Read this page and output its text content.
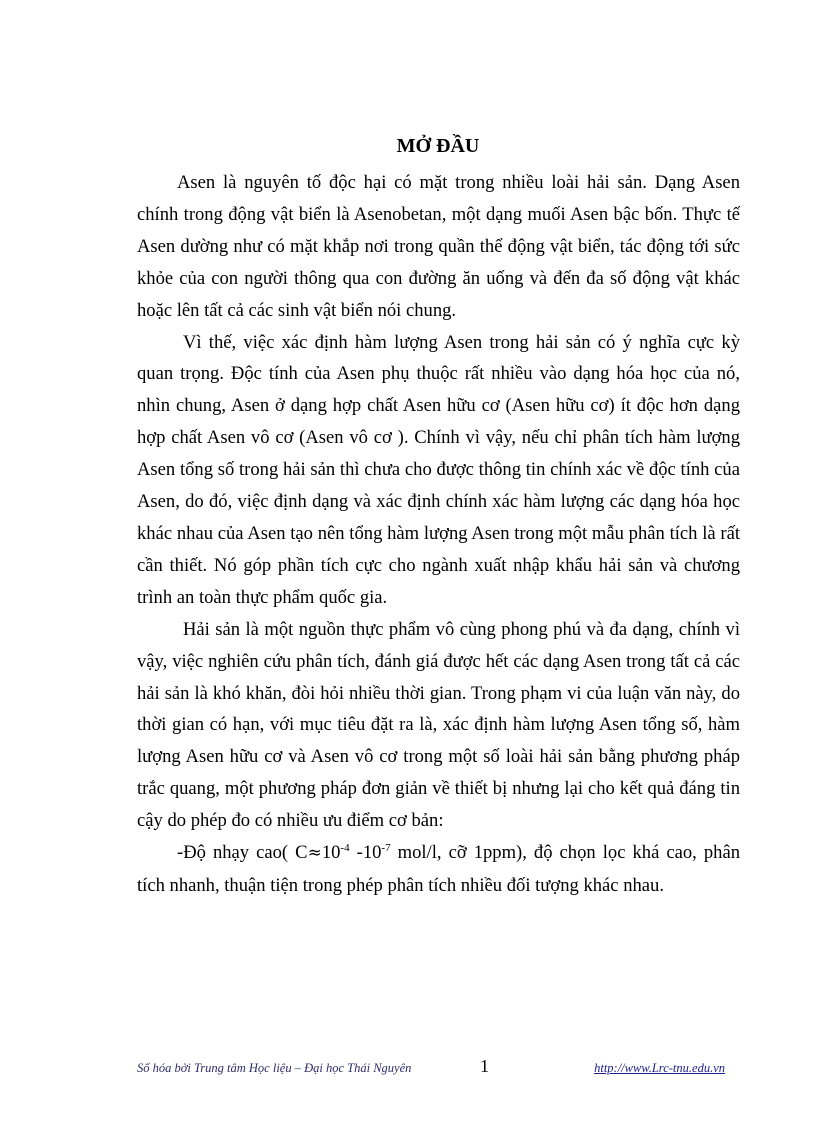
MỞ ĐẦU

Asen là nguyên tố độc hại có mặt trong nhiều loài hải sản. Dạng Asen chính trong động vật biển là Asenobetan, một dạng muối Asen bậc bốn. Thực tế Asen dường như có mặt khắp nơi trong quần thể động vật biển, tác động tới sức khỏe của con người thông qua con đường ăn uống và đến đa số động vật khác hoặc lên tất cả các sinh vật biển nói chung.

Vì thế, việc xác định hàm lượng Asen trong hải sản có ý nghĩa cực kỳ quan trọng. Độc tính của Asen phụ thuộc rất nhiều vào dạng hóa học của nó, nhìn chung, Asen ở dạng hợp chất Asen hữu cơ (Asen hữu cơ) ít độc hơn dạng hợp chất Asen vô cơ (Asen vô cơ ). Chính vì vậy, nếu chỉ phân tích hàm lượng Asen tổng số trong hải sản thì chưa cho được thông tin chính xác về độc tính của Asen, do đó, việc định dạng và xác định chính xác hàm lượng các dạng hóa học khác nhau của Asen tạo nên tổng hàm lượng Asen trong một mẫu phân tích là rất cần thiết. Nó góp phần tích cực cho ngành xuất nhập khẩu hải sản và chương trình an toàn thực phẩm quốc gia.

Hải sản là một nguồn thực phẩm vô cùng phong phú và đa dạng, chính vì vậy, việc nghiên cứu phân tích, đánh giá được hết các dạng Asen trong tất cả các hải sản là khó khăn, đòi hỏi nhiều thời gian. Trong phạm vi của luận văn này, do thời gian có hạn, với mục tiêu đặt ra là, xác định hàm lượng Asen tổng số, hàm lượng Asen hữu cơ và Asen vô cơ trong một số loài hải sản bằng phương pháp trắc quang, một phương pháp đơn giản về thiết bị nhưng lại cho kết quả đáng tin cậy do phép đo có nhiều ưu điểm cơ bản:

-Độ nhạy cao( $C\approx 10^{-4}$ $-10^{-7}$ mol/l, cỡ 1ppm), độ chọn lọc khá cao, phân tích nhanh, thuận tiện trong phép phân tích nhiều đối tượng khác nhau.

Số hóa bởi Trung tâm Học liệu – Đại học Thái Nguyên	1	http://www.Lrc-tnu.edu.vn
